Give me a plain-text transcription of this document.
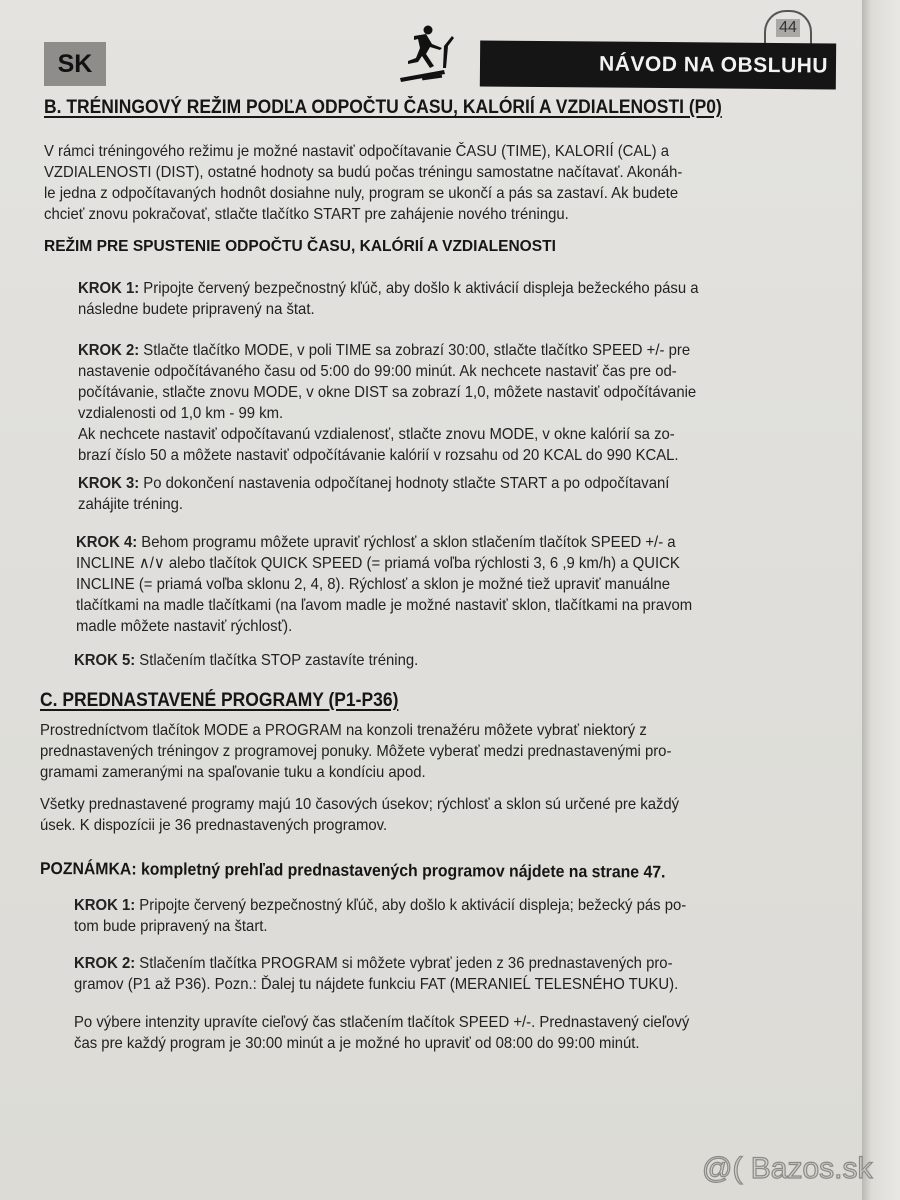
SK
44
NÁVOD NA OBSLUHU
B. TRÉNINGOVÝ REŽIM PODĽA ODPOČTU ČASU, KALÓRIÍ A VZDIALENOSTI (P0)
V rámci tréningového režimu je možné nastaviť odpočítavanie ČASU (TIME), KALORIÍ (CAL) a
VZDIALENOSTI (DIST), ostatné hodnoty sa budú počas tréningu samostatne načítavať. Akonáh-
le jedna z odpočítavaných hodnôt dosiahne nuly, program se ukončí a pás sa zastaví. Ak budete
chcieť znovu pokračovať, stlačte tlačítko START pre zahájenie nového tréningu.
REŽIM PRE SPUSTENIE ODPOČTU ČASU, KALÓRIÍ A VZDIALENOSTI
KROK 1: Pripojte červený bezpečnostný kľúč, aby došlo k aktivácií displeja bežeckého pásu a
následne budete pripravený na štat.
KROK 2: Stlačte tlačítko MODE, v poli TIME sa zobrazí 30:00, stlačte tlačítko SPEED +/- pre
nastavenie odpočítávaného času od 5:00 do 99:00 minút. Ak nechcete nastaviť čas pre od-
počítávanie, stlačte znovu MODE, v okne DIST sa zobrazí 1,0, môžete nastaviť odpočítávanie
vzdialenosti od 1,0 km - 99 km.
Ak nechcete nastaviť odpočítavanú vzdialenosť, stlačte znovu MODE, v okne kalórií sa zo-
brazí číslo 50 a môžete nastaviť odpočítávanie kalórií v rozsahu od 20 KCAL do 990 KCAL.
KROK 3: Po dokončení nastavenia odpočítanej hodnoty stlačte START a po odpočítavaní
zahájite tréning.
KROK 4: Behom programu môžete upraviť rýchlosť a sklon stlačením tlačítok SPEED +/- a
INCLINE ∧/∨ alebo tlačítok QUICK SPEED (= priamá voľba rýchlosti 3, 6 ,9 km/h) a QUICK
INCLINE (= priamá voľba sklonu 2, 4, 8). Rýchlosť a sklon je možné tiež upraviť manuálne
tlačítkami na madle tlačítkami (na ľavom madle je možné nastaviť sklon, tlačítkami na pravom
madle môžete nastaviť rýchlosť).
KROK 5: Stlačením tlačítka STOP zastavíte tréning.
C. PREDNASTAVENÉ PROGRAMY (P1-P36)
Prostredníctvom tlačítok MODE a PROGRAM na konzoli trenažéru môžete vybrať niektorý z
prednastavených tréningov z programovej ponuky. Môžete vyberať medzi prednastavenými pro-
gramami zameranými na spaľovanie tuku a kondíciu apod.
Všetky prednastavené programy majú 10 časových úsekov; rýchlosť a sklon sú určené pre každý
úsek. K dispozícii je 36 prednastavených programov.
POZNÁMKA: kompletný prehľad prednastavených programov nájdete na strane 47.
KROK 1: Pripojte červený bezpečnostný kľúč, aby došlo k aktivácií displeja; bežecký pás po-
tom bude pripravený na štart.
KROK 2: Stlačením tlačítka PROGRAM si môžete vybrať jeden z 36 prednastavených pro-
gramov (P1 až P36). Pozn.: Ďalej tu nájdete funkciu FAT (MERANIEĹ TELESNÉHO TUKU).
Po výbere intenzity upravíte cieľový čas stlačením tlačítok SPEED +/-. Prednastavený cieľový
čas pre každý program je 30:00 minút a je možné ho upraviť od 08:00 do 99:00 minút.
@( Bazos.sk
